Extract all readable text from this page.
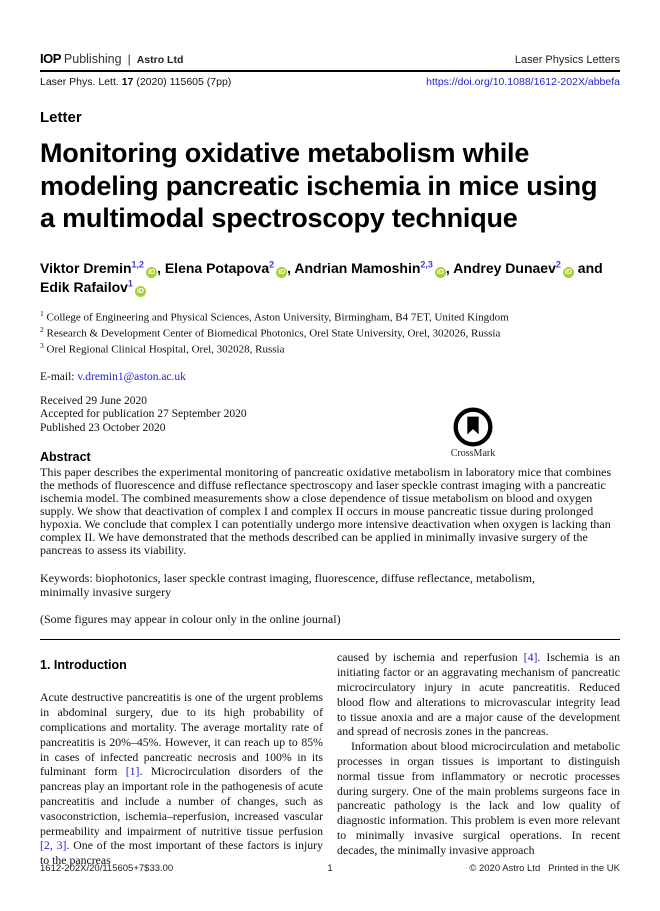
IOP Publishing | Astro Ltd	Laser Physics Letters
Laser Phys. Lett. 17 (2020) 115605 (7pp)	https://doi.org/10.1088/1612-202X/abbefa
Letter
Monitoring oxidative metabolism while modeling pancreatic ischemia in mice using a multimodal spectroscopy technique
Viktor Dremin$^{1,2}$iD , Elena Potapova$^2$iD , Andrian Mamoshin$^{2,3}$iD , Andrey Dunaev$^2$iD and Edik Rafailov$^1$iD
$^1$ College of Engineering and Physical Sciences, Aston University, Birmingham, B4 7ET, United Kingdom
$^2$ Research & Development Center of Biomedical Photonics, Orel State University, Orel, 302026, Russia
$^3$ Orel Regional Clinical Hospital, Orel, 302028, Russia
E-mail: v.dremin1@aston.ac.uk
Received 29 June 2020
Accepted for publication 27 September 2020
Published 23 October 2020
Abstract
This paper describes the experimental monitoring of pancreatic oxidative metabolism in laboratory mice that combines the methods of fluorescence and diffuse reflectance spectroscopy and laser speckle contrast imaging with a pancreatic ischemia model. The combined measurements show a close dependence of tissue metabolism on blood and oxygen supply. We show that deactivation of complex I and complex II occurs in mouse pancreatic tissue during prolonged hypoxia. We conclude that complex I can potentially undergo more intensive deactivation when oxygen is lacking than complex II. We have demonstrated that the methods described can be applied in minimally invasive surgery of the pancreas to assess its viability.
Keywords: biophotonics, laser speckle contrast imaging, fluorescence, diffuse reflectance, metabolism, minimally invasive surgery
(Some figures may appear in colour only in the online journal)
1. Introduction

Acute destructive pancreatitis is one of the urgent problems in abdominal surgery, due to its high probability of complications and mortality. The average mortality rate of pancreatitis is 20%–45%. However, it can reach up to 85% in cases of infected pancreatic necrosis and 100% in its fulminant form [1]. Microcirculation disorders of the pancreas play an important role in the pathogenesis of acute pancreatitis and include a number of changes, such as vasoconstriction, ischemia–reperfusion, increased vascular permeability and impairment of nutritive tissue perfusion [2, 3]. One of the most important of these factors is injury to the pancreas

caused by ischemia and reperfusion [4]. Ischemia is an initiating factor or an aggravating mechanism of pancreatic microcirculatory injury in acute pancreatitis. Reduced blood flow and alterations to microvascular integrity lead to tissue anoxia and are a major cause of the development and spread of necrosis zones in the pancreas.

Information about blood microcirculation and metabolic processes in organ tissues is important to distinguish normal tissue from inflammatory or necrotic processes during surgery. One of the main problems surgeons face in pancreatic pathology is the lack and low quality of diagnostic information. This problem is even more relevant to minimally invasive surgical operations. In recent decades, the minimally invasive approach

CrossMark
1
1612-202X/20/115605+7$33.00	© 2020 Astro Ltd Printed in the UK
